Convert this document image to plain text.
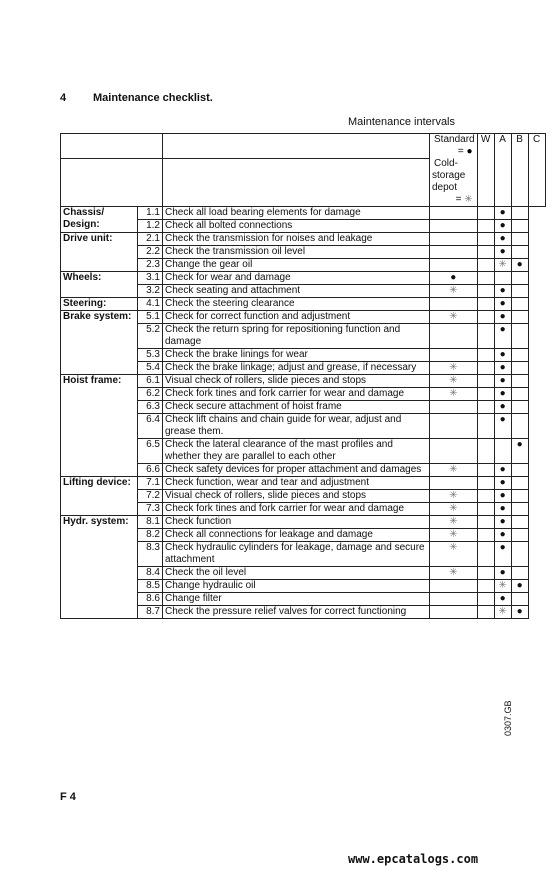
4 Maintenance checklist.
Maintenance intervals
			Standard
= ●	W	A	B	C
			Cold-storage depot
= ✳				

Chassis/ Design:	1.1	Check all load bearing elements for damage			●		
	1.2	Check all bolted connections			●		
Drive unit:	2.1	Check the transmission for noises and leakage			●		
	2.2	Check the transmission oil level			●		
	2.3	Change the gear oil			✳	●	
Wheels:	3.1	Check for wear and damage	●				
	3.2	Check seating and attachment	✳		●		
Steering:	4.1	Check the steering clearance			●		
Brake system:	5.1	Check for correct function and adjustment	✳		●		
	5.2	Check the return spring for repositioning function and damage			●		
	5.3	Check the brake linings for wear			●		
	5.4	Check the brake linkage; adjust and grease, if necessary	✳		●		
Hoist frame:	6.1	Visual check of rollers, slide pieces and stops	✳		●		
	6.2	Check fork tines and fork carrier for wear and damage	✳		●		
	6.3	Check secure attachment of hoist frame			●		
	6.4	Check lift chains and chain guide for wear, adjust and grease them.			●		
	6.5	Check the lateral clearance of the mast profiles and whether they are parallel to each other				●	
	6.6	Check safety devices for proper attachment and damages	✳		●		
Lifting device:	7.1	Check function, wear and tear and adjustment			●		
	7.2	Visual check of rollers, slide pieces and stops	✳		●		
	7.3	Check fork tines and fork carrier for wear and damage	✳		●		
Hydr. system:	8.1	Check function	✳		●		
	8.2	Check all connections for leakage and damage	✳		●		
	8.3	Check hydraulic cylinders for leakage, damage and secure attachment	✳		●		
	8.4	Check the oil level	✳		●		
	8.5	Change hydraulic oil			✳	●	
	8.6	Change filter			●		
	8.7	Check the pressure relief valves for correct functioning			✳	●	
0307.GB
F 4
www.epcatalogs.com
